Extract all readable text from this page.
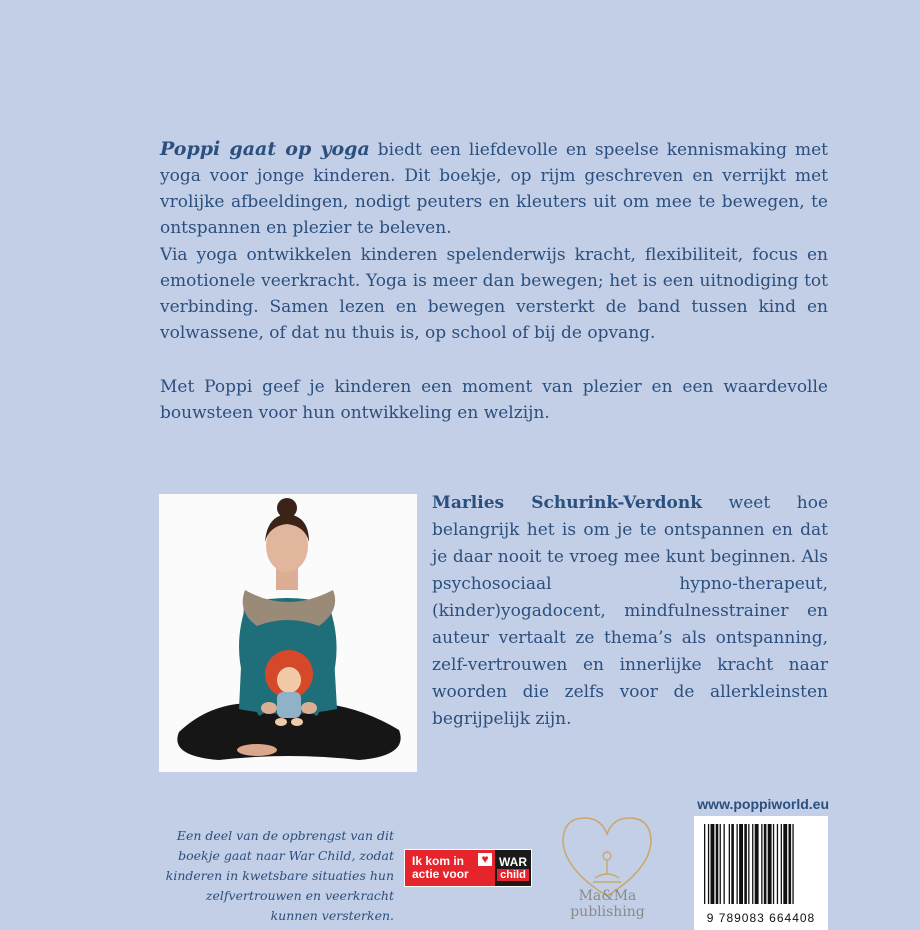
Poppi gaat op yoga biedt een liefdevolle en speelse kennismaking met yoga voor jonge kinderen. Dit boekje, op rijm geschreven en verrijkt met vrolijke afbeeldingen, nodigt peuters en kleuters uit om mee te bewegen, te ontspannen en plezier te beleven.

Via yoga ontwikkelen kinderen spelenderwijs kracht, flexibiliteit, focus en emotionele veerkracht. Yoga is meer dan bewegen; het is een uitnodiging tot verbinding. Samen lezen en bewegen versterkt de band tussen kind en volwassene, of dat nu thuis is, op school of bij de opvang.

Met Poppi geef je kinderen een moment van plezier en een waardevolle bouwsteen voor hun ontwikkeling en welzijn.

Marlies Schurink-Verdonk weet hoe belangrijk het is om je te ontspannen en dat je daar nooit te vroeg mee kunt beginnen. Als psychosociaal hypno-therapeut, (kinder)yogadocent, mindfulnesstrainer en auteur vertaalt ze thema’s als ontspanning, zelf-vertrouwen en innerlijke kracht naar woorden die zelfs voor de allerkleinsten begrijpelijk zijn.

Een deel van de opbrengst van dit boekje gaat naar War Child, zodat kinderen in kwetsbare situaties hun zelfvertrouwen en veerkracht kunnen versterken.

Ik kom in
actie voor
♥ WAR
child
Ma&Ma publishing
www.poppiworld.eu
9 789083 664408
